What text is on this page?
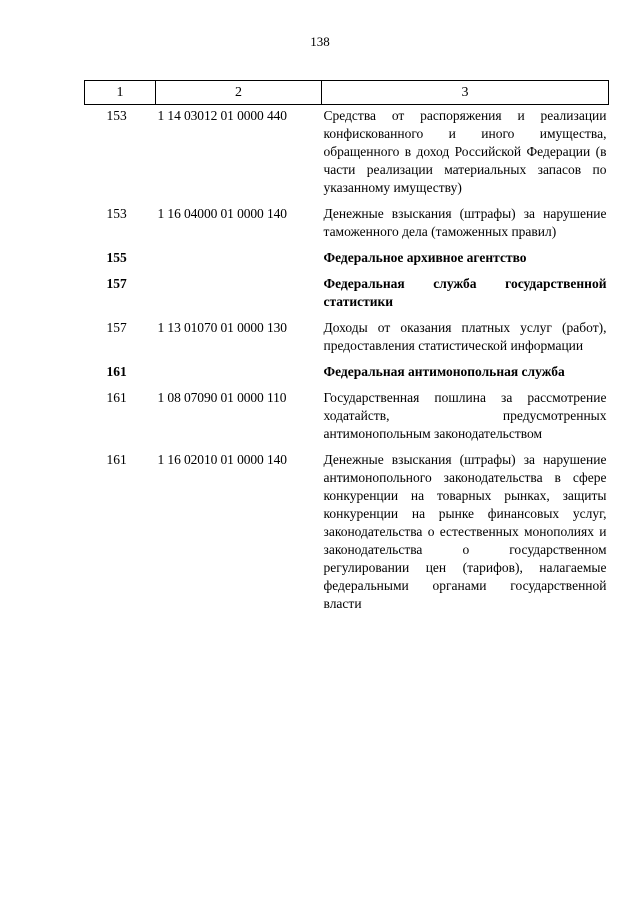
138
1	2	3
153	1 14 03012 01 0000 440	Средства от распоряжения и реализации конфискованного и иного имущества, обращенного в доход Российской Федерации (в части реализации материальных запасов по указанному имуществу)
153	1 16 04000 01 0000 140	Денежные взыскания (штрафы) за нарушение таможенного дела (таможенных правил)
155		Федеральное архивное агентство
157		Федеральная служба государственной статистики
157	1 13 01070 01 0000 130	Доходы от оказания платных услуг (работ), предоставления статистической информации
161		Федеральная антимонопольная служба
161	1 08 07090 01 0000 110	Государственная пошлина за рассмотрение ходатайств, предусмотренных антимонопольным законодательством
161	1 16 02010 01 0000 140	Денежные взыскания (штрафы) за нарушение антимонопольного законодательства в сфере конкуренции на товарных рынках, защиты конкуренции на рынке финансовых услуг, законодательства о естественных монополиях и законодательства о государственном регулировании цен (тарифов), налагаемые федеральными органами государственной власти
